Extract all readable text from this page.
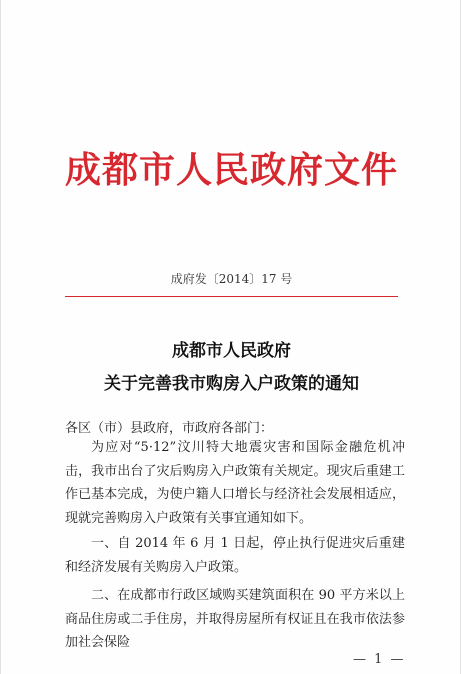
成都市人民政府文件
成府发〔2014〕17 号
成都市人民政府
关于完善我市购房入户政策的通知
各区（市）县政府，市政府各部门：

为应对“5·12”汶川特大地震灾害和国际金融危机冲击，我市出台了灾后购房入户政策有关规定。现灾后重建工作已基本完成，为使户籍人口增长与经济社会发展相适应，现就完善购房入户政策有关事宜通知如下。

一、自 2014 年 6 月 1 日起，停止执行促进灾后重建和经济发展有关购房入户政策。

二、在成都市行政区域购买建筑面积在 90 平方米以上商品住房或二手住房，并取得房屋所有权证且在我市依法参加社会保险

— 1 —
